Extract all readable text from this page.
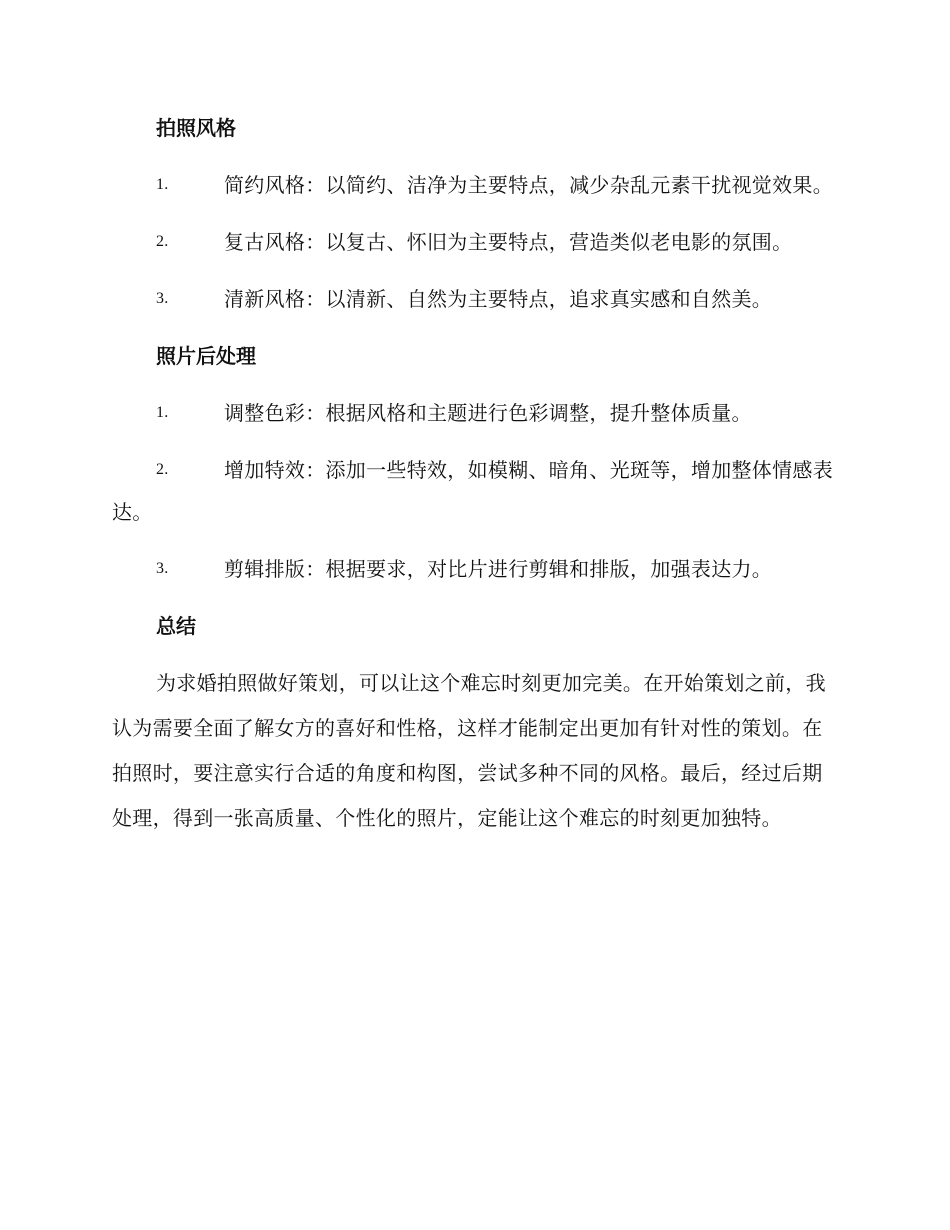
拍照风格
1.	简约风格：以简约、洁净为主要特点，减少杂乱元素干扰视觉效果。
2.	复古风格：以复古、怀旧为主要特点，营造类似老电影的氛围。
3.	清新风格：以清新、自然为主要特点，追求真实感和自然美。
照片后处理
1.	调整色彩：根据风格和主题进行色彩调整，提升整体质量。
2.	增加特效：添加一些特效，如模糊、暗角、光斑等，增加整体情感表达。
3.	剪辑排版：根据要求，对比片进行剪辑和排版，加强表达力。
总结
为求婚拍照做好策划，可以让这个难忘时刻更加完美。在开始策划之前，我认为需要全面了解女方的喜好和性格，这样才能制定出更加有针对性的策划。在拍照时，要注意实行合适的角度和构图，尝试多种不同的风格。最后，经过后期处理，得到一张高质量、个性化的照片，定能让这个难忘的时刻更加独特。
